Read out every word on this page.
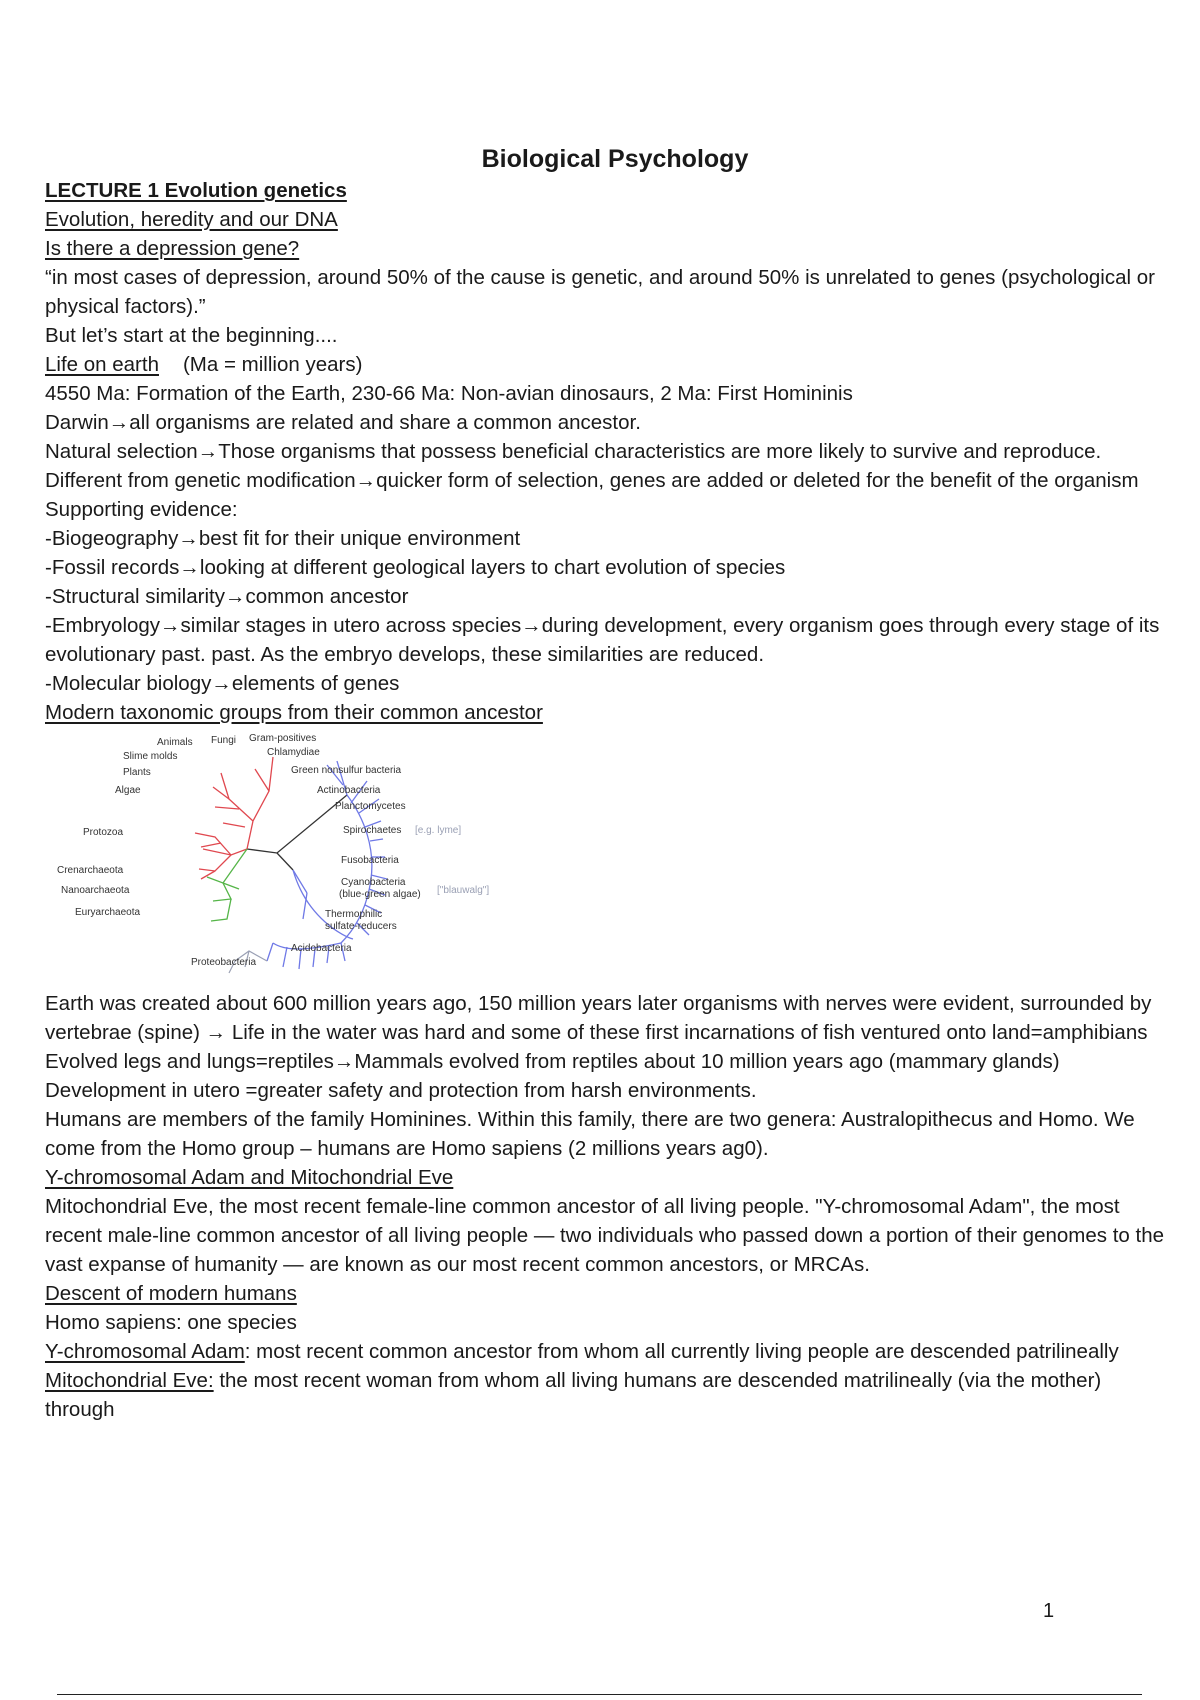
Biological Psychology
LECTURE 1 Evolution genetics
Evolution, heredity and our DNA
Is there a depression gene?
“in most cases of depression, around 50% of the cause is genetic, and around 50% is unrelated to genes (psychological or physical factors).”
But let’s start at the beginning....
Life on earth (Ma = million years)
4550 Ma: Formation of the Earth, 230-66 Ma: Non-avian dinosaurs, 2 Ma: First Homininis
Darwin→all organisms are related and share a common ancestor.
Natural selection→Those organisms that possess beneficial characteristics are more likely to survive and reproduce.
Different from genetic modification→quicker form of selection, genes are added or deleted for the benefit of the organism
Supporting evidence:
-Biogeography→best fit for their unique environment
-Fossil records→looking at different geological layers to chart evolution of species
-Structural similarity→common ancestor
-Embryology→similar stages in utero across species→during development, every organism goes through every stage of its evolutionary past. past. As the embryo develops, these similarities are reduced.
-Molecular biology→elements of genes
Modern taxonomic groups from their common ancestor
Animals Fungi
Slime molds
Plants
Algae
Protozoa
Crenarchaeota
Nanoarchaeota
Euryarchaeota
Gram-positives
Chlamydiae
Green nonsulfur bacteria
Actinobacteria
Planctomycetes
Spirochaetes [e.g. lyme]
Fusobacteria
Cyanobacteria
(blue-green algae) ["blauwalg"]
Thermophilic
sulfate-reducers
Acidobacteria
Proteobacteria
Earth was created about 600 million years ago, 150 million years later organisms with nerves were evident, surrounded by vertebrae (spine) → Life in the water was hard and some of these first incarnations of fish ventured onto land=amphibians
Evolved legs and lungs=reptiles→Mammals evolved from reptiles about 10 million years ago (mammary glands)
Development in utero =greater safety and protection from harsh environments.
Humans are members of the family Hominines. Within this family, there are two genera: Australopithecus and Homo. We come from the Homo group – humans are Homo sapiens (2 millions years ag0).
Y-chromosomal Adam and Mitochondrial Eve
Mitochondrial Eve, the most recent female-line common ancestor of all living people. "Y-chromosomal Adam", the most recent male-line common ancestor of all living people — two individuals who passed down a portion of their genomes to the vast expanse of humanity — are known as our most recent common ancestors, or MRCAs.
Descent of modern humans
Homo sapiens: one species
Y-chromosomal Adam: most recent common ancestor from whom all currently living people are descended patrilineally Mitochondrial Eve: the most recent woman from whom all living humans are descended matrilineally (via the mother) through
1
